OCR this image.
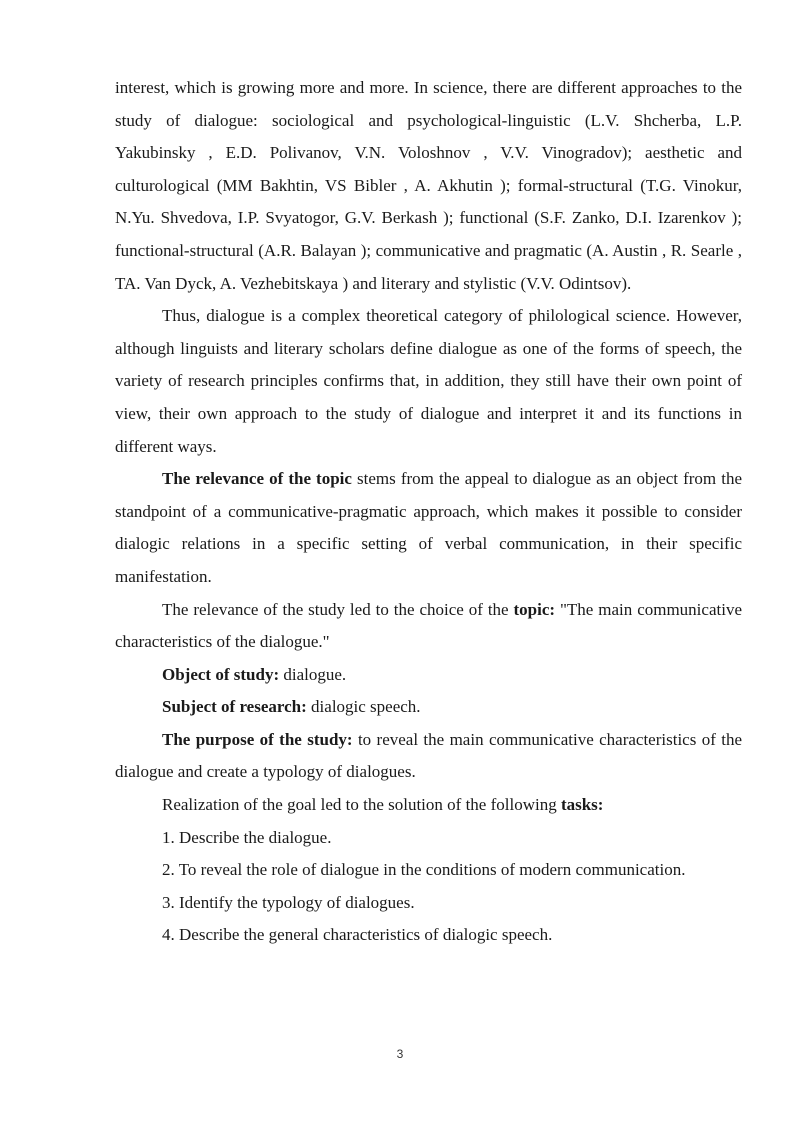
interest, which is growing more and more. In science, there are different approaches to the study of dialogue: sociological and psychological-linguistic (L.V. Shcherba, L.P. Yakubinsky , E.D. Polivanov, V.N. Voloshnov , V.V. Vinogradov); aesthetic and culturological (MM Bakhtin, VS Bibler , A. Akhutin ); formal-structural (T.G. Vinokur, N.Yu. Shvedova, I.P. Svyatogor, G.V. Berkash ); functional (S.F. Zanko, D.I. Izarenkov ); functional-structural (A.R. Balayan ); communicative and pragmatic (A. Austin , R. Searle , TA. Van Dyck, A. Vezhebitskaya ) and literary and stylistic (V.V. Odintsov).

Thus, dialogue is a complex theoretical category of philological science. However, although linguists and literary scholars define dialogue as one of the forms of speech, the variety of research principles confirms that, in addition, they still have their own point of view, their own approach to the study of dialogue and interpret it and its functions in different ways.

The relevance of the topic stems from the appeal to dialogue as an object from the standpoint of a communicative-pragmatic approach, which makes it possible to consider dialogic relations in a specific setting of verbal communication, in their specific manifestation.

The relevance of the study led to the choice of the topic: "The main communicative characteristics of the dialogue."

Object of study: dialogue.

Subject of research: dialogic speech.

The purpose of the study: to reveal the main communicative characteristics of the dialogue and create a typology of dialogues.

Realization of the goal led to the solution of the following tasks:

1. Describe the dialogue.

2. To reveal the role of dialogue in the conditions of modern communication.

3. Identify the typology of dialogues.

4. Describe the general characteristics of dialogic speech.

3
